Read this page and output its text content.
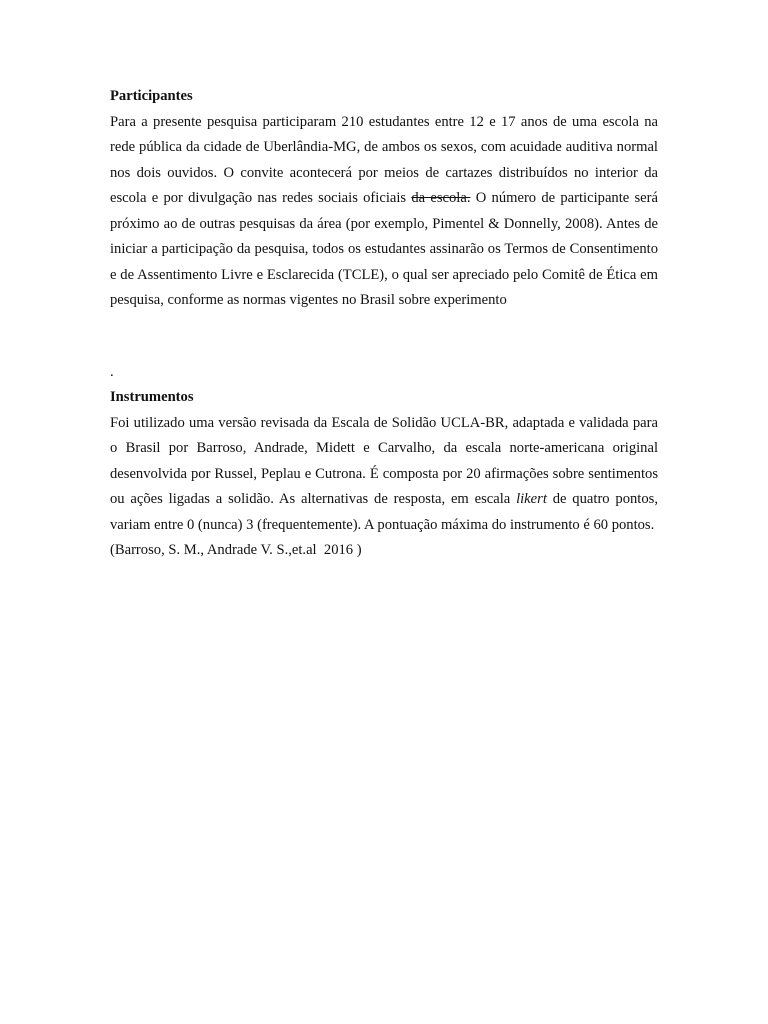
Participantes

Para a presente pesquisa participaram 210 estudantes entre 12 e 17 anos de uma escola na rede pública da cidade de Uberlândia-MG, de ambos os sexos, com acuidade auditiva normal nos dois ouvidos. O convite acontecerá por meios de cartazes distribuídos no interior da escola e por divulgação nas redes sociais oficiais da escola. O número de participante será próximo ao de outras pesquisas da área (por exemplo, Pimentel & Donnelly, 2008). Antes de iniciar a participação da pesquisa, todos os estudantes assinarão os Termos de Consentimento e de Assentimento Livre e Esclarecida (TCLE), o qual ser apreciado pelo Comitê de Ética em pesquisa, conforme as normas vigentes no Brasil sobre experimento

.

Instrumentos

Foi utilizado uma versão revisada da Escala de Solidão UCLA-BR, adaptada e validada para o Brasil por Barroso, Andrade, Midett e Carvalho, da escala norte-americana original desenvolvida por Russel, Peplau e Cutrona. É composta por 20 afirmações sobre sentimentos ou ações ligadas a solidão. As alternativas de resposta, em escala likert de quatro pontos, variam entre 0 (nunca) 3 (frequentemente). A pontuação máxima do instrumento é 60 pontos.

(Barroso, S. M., Andrade V. S.,et.al  2016 )
